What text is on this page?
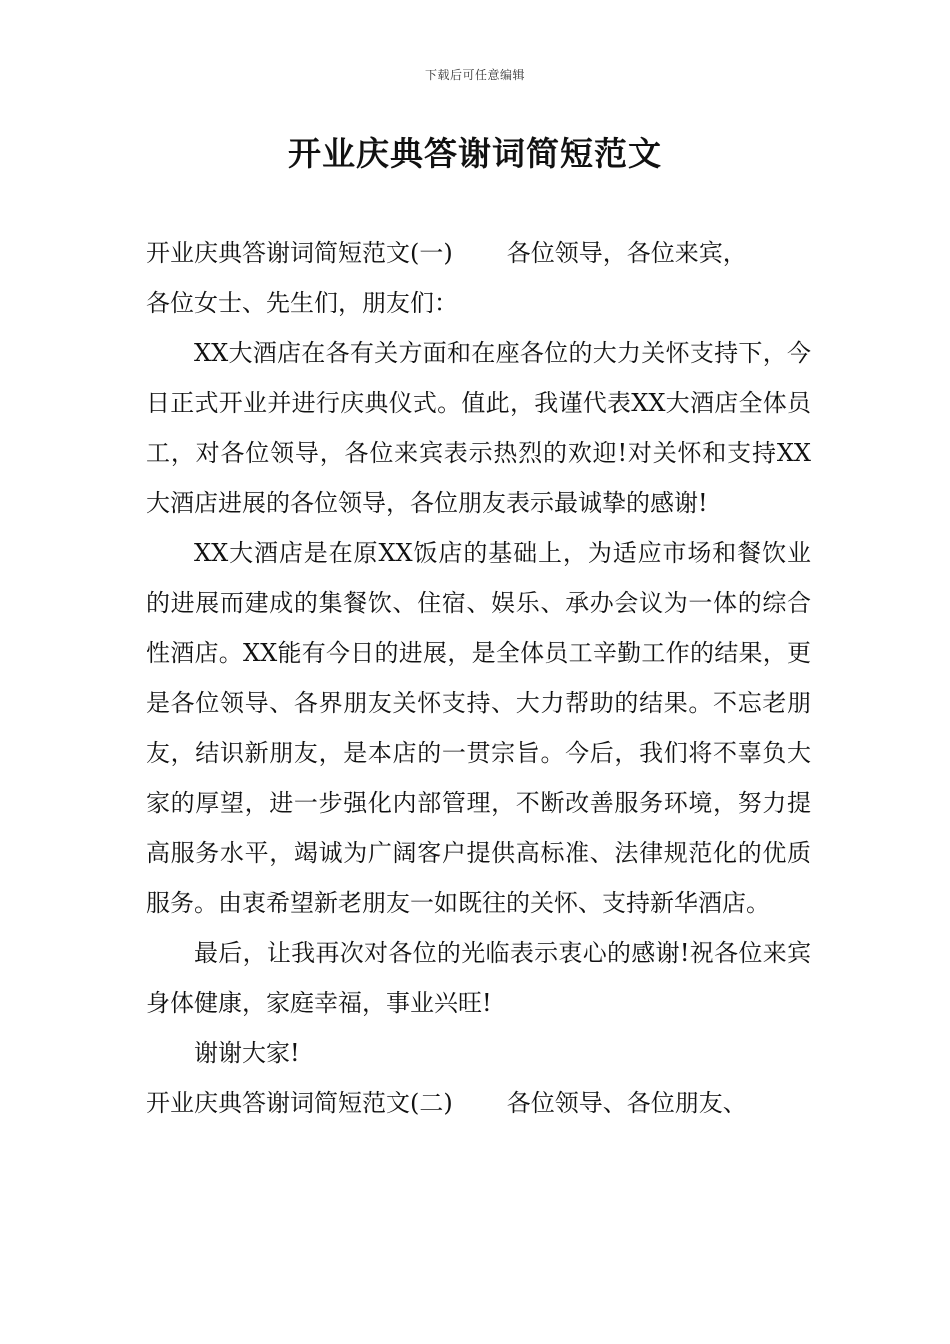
下载后可任意编辑
开业庆典答谢词简短范文

开业庆典答谢词简短范文(一) 各位领导，各位来宾，

各位女士、先生们，朋友们：

XX大酒店在各有关方面和在座各位的大力关怀支持下，今日正式开业并进行庆典仪式。值此，我谨代表XX大酒店全体员工，对各位领导，各位来宾表示热烈的欢迎!对关怀和支持XX大酒店进展的各位领导，各位朋友表示最诚挚的感谢!

XX大酒店是在原XX饭店的基础上，为适应市场和餐饮业的进展而建成的集餐饮、住宿、娱乐、承办会议为一体的综合性酒店。XX能有今日的进展，是全体员工辛勤工作的结果，更是各位领导、各界朋友关怀支持、大力帮助的结果。不忘老朋友，结识新朋友，是本店的一贯宗旨。今后，我们将不辜负大家的厚望，进一步强化内部管理，不断改善服务环境，努力提高服务水平，竭诚为广阔客户提供高标准、法律规范化的优质服务。由衷希望新老朋友一如既往的关怀、支持新华酒店。

最后，让我再次对各位的光临表示衷心的感谢!祝各位来宾身体健康，家庭幸福，事业兴旺!

谢谢大家!

开业庆典答谢词简短范文(二) 各位领导、各位朋友、
